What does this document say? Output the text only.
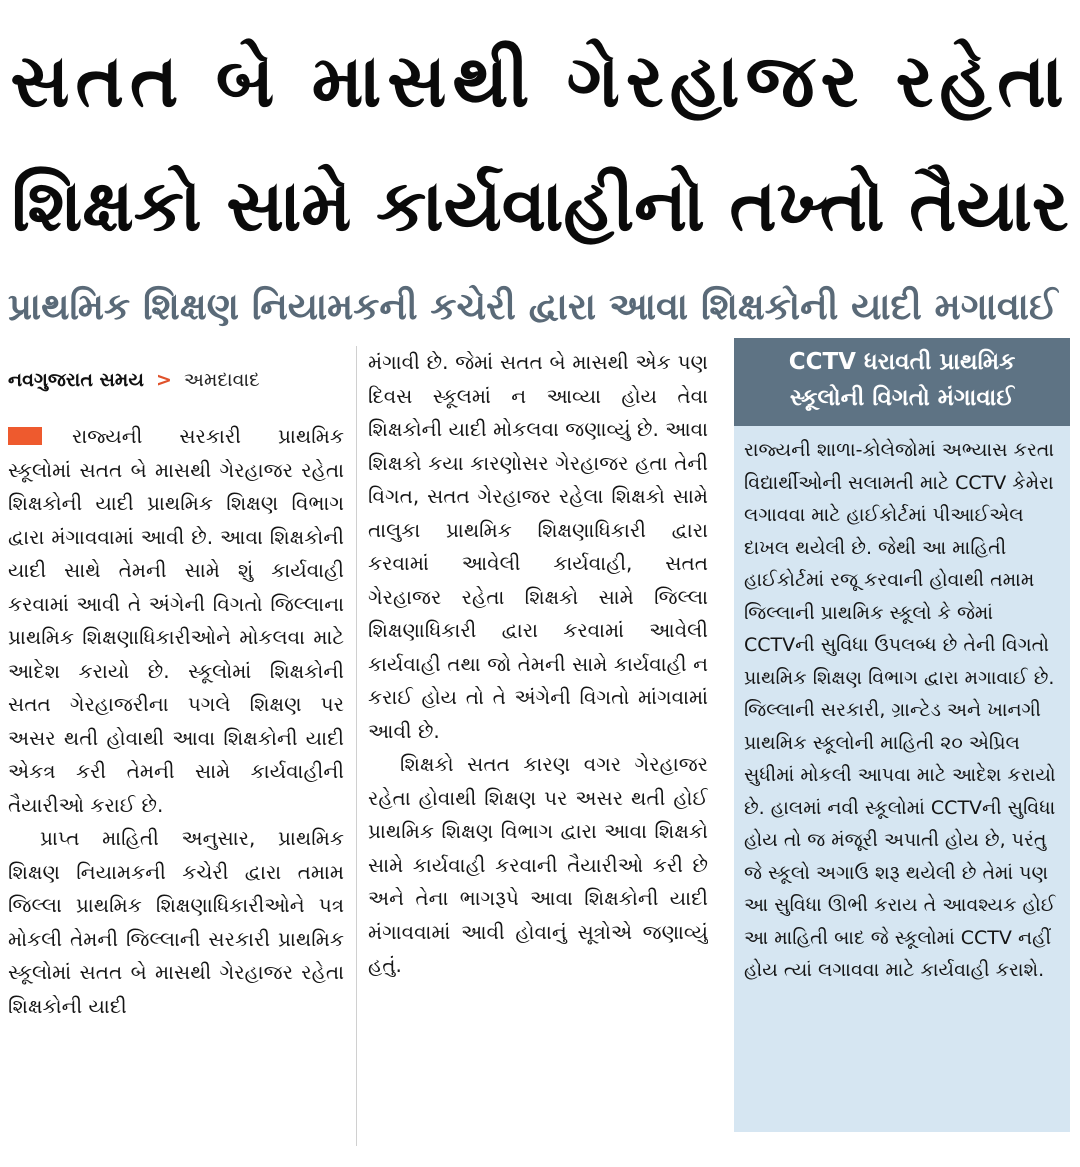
સતત બે માસથી ગેરહાજર રહેતા
શિક્ષકો સામે કાર્યવાહીનો તખ્તો તૈયાર
પ્રાથમિક શિક્ષણ નિયામકની કચેરી દ્વારા આવા શિક્ષકોની યાદી મગાવાઈ
નવગુજરાત સમય > અમદાવાદ

રાજ્યની સરકારી પ્રાથમિક સ્કૂલોમાં સતત બે માસથી ગેરહાજર રહેતા શિક્ષકોની યાદી પ્રાથમિક શિક્ષણ વિભાગ દ્વારા મંગાવવામાં આવી છે. આવા શિક્ષકોની યાદી સાથે તેમની સામે શું કાર્યવાહી કરવામાં આવી તે અંગેની વિગતો જિલ્લાના પ્રાથમિક શિક્ષણાધિકારીઓને મોકલવા માટે આદેશ કરાયો છે. સ્કૂલોમાં શિક્ષકોની સતત ગેરહાજરીના પગલે શિક્ષણ પર અસર થતી હોવાથી આવા શિક્ષકોની યાદી એકત્ર કરી તેમની સામે કાર્યવાહીની તૈયારીઓ કરાઈ છે.

પ્રાપ્ત માહિતી અનુસાર, પ્રાથમિક શિક્ષણ નિયામકની કચેરી દ્વારા તમામ જિલ્લા પ્રાથમિક શિક્ષણાધિકારીઓને પત્ર મોકલી તેમની જિલ્લાની સરકારી પ્રાથમિક સ્કૂલોમાં સતત બે માસથી ગેરહાજર રહેતા શિક્ષકોની યાદી

મંગાવી છે. જેમાં સતત બે માસથી એક પણ દિવસ સ્કૂલમાં ન આવ્યા હોય તેવા શિક્ષકોની યાદી મોકલવા જણાવ્યું છે. આવા શિક્ષકો કયા કારણોસર ગેરહાજર હતા તેની વિગત, સતત ગેરહાજર રહેલા શિક્ષકો સામે તાલુકા પ્રાથમિક શિક્ષણાધિકારી દ્વારા કરવામાં આવેલી કાર્યવાહી, સતત ગેરહાજર રહેતા શિક્ષકો સામે જિલ્લા શિક્ષણાધિકારી દ્વારા કરવામાં આવેલી કાર્યવાહી તથા જો તેમની સામે કાર્યવાહી ન કરાઈ હોય તો તે અંગેની વિગતો માંગવામાં આવી છે.

શિક્ષકો સતત કારણ વગર ગેરહાજર રહેતા હોવાથી શિક્ષણ પર અસર થતી હોઈ પ્રાથમિક શિક્ષણ વિભાગ દ્વારા આવા શિક્ષકો સામે કાર્યવાહી કરવાની તૈયારીઓ કરી છે અને તેના ભાગરૂપે આવા શિક્ષકોની યાદી મંગાવવામાં આવી હોવાનું સૂત્રોએ જણાવ્યું હતું.

CCTV ધરાવતી પ્રાથમિક
સ્કૂલોની વિગતો મંગાવાઈ
રાજ્યની શાળા-કોલેજોમાં અભ્યાસ કરતા વિદ્યાર્થીઓની સલામતી માટે CCTV કેમેરા લગાવવા માટે હાઈકોર્ટમાં પીઆઈએલ દાખલ થયેલી છે. જેથી આ માહિતી હાઈકોર્ટમાં રજૂ કરવાની હોવાથી તમામ જિલ્લાની પ્રાથમિક સ્કૂલો કે જેમાં CCTVની સુવિધા ઉપલબ્ધ છે તેની વિગતો પ્રાથમિક શિક્ષણ વિભાગ દ્વારા મગાવાઈ છે. જિલ્લાની સરકારી, ગ્રાન્ટેડ અને ખાનગી પ્રાથમિક સ્કૂલોની માહિતી ૨૦ એપ્રિલ સુધીમાં મોકલી આપવા માટે આદેશ કરાયો છે. હાલમાં નવી સ્કૂલોમાં CCTVની સુવિધા હોય તો જ મંજૂરી અપાતી હોય છે, પરંતુ જે સ્કૂલો અગાઉ શરૂ થયેલી છે તેમાં પણ આ સુવિધા ઊભી કરાય તે આવશ્યક હોઈ આ માહિતી બાદ જે સ્કૂલોમાં CCTV નહીં હોય ત્યાં લગાવવા માટે કાર્યવાહી કરાશે.
